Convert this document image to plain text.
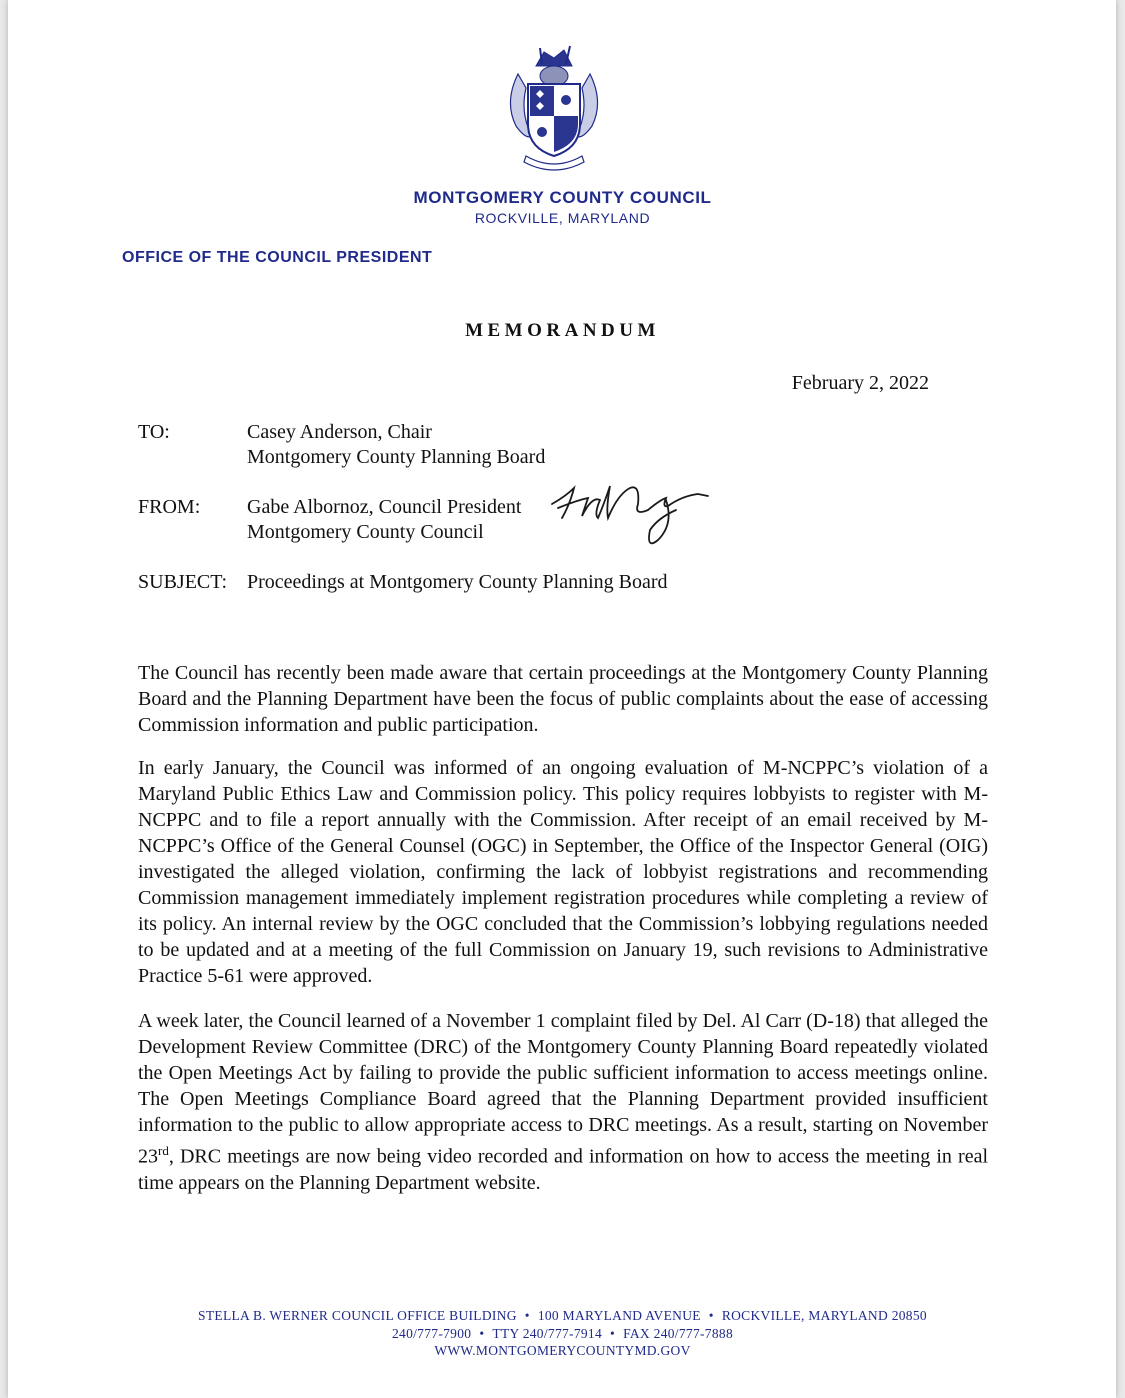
MONTGOMERY COUNTY COUNCIL
ROCKVILLE, MARYLAND
OFFICE OF THE COUNCIL PRESIDENT
MEMORANDUM
February 2, 2022
TO:	Casey Anderson, Chair
Montgomery County Planning Board
FROM: Gabe Albornoz, Council President
Montgomery County Council
SUBJECT: Proceedings at Montgomery County Planning Board

The Council has recently been made aware that certain proceedings at the Montgomery County Planning Board and the Planning Department have been the focus of public complaints about the ease of accessing Commission information and public participation.

In early January, the Council was informed of an ongoing evaluation of M-NCPPC’s violation of a Maryland Public Ethics Law and Commission policy. This policy requires lobbyists to register with M-NCPPC and to file a report annually with the Commission. After receipt of an email received by M-NCPPC’s Office of the General Counsel (OGC) in September, the Office of the Inspector General (OIG) investigated the alleged violation, confirming the lack of lobbyist registrations and recommending Commission management immediately implement registration procedures while completing a review of its policy. An internal review by the OGC concluded that the Commission’s lobbying regulations needed to be updated and at a meeting of the full Commission on January 19, such revisions to Administrative Practice 5-61 were approved.

A week later, the Council learned of a November 1 complaint filed by Del. Al Carr (D-18) that alleged the Development Review Committee (DRC) of the Montgomery County Planning Board repeatedly violated the Open Meetings Act by failing to provide the public sufficient information to access meetings online. The Open Meetings Compliance Board agreed that the Planning Department provided insufficient information to the public to allow appropriate access to DRC meetings. As a result, starting on November 23rd, DRC meetings are now being video recorded and information on how to access the meeting in real time appears on the Planning Department website.

STELLA B. WERNER COUNCIL OFFICE BUILDING • 100 MARYLAND AVENUE • ROCKVILLE, MARYLAND 20850
240/777-7900 • TTY 240/777-7914 • FAX 240/777-7888
WWW.MONTGOMERYCOUNTYMD.GOV
